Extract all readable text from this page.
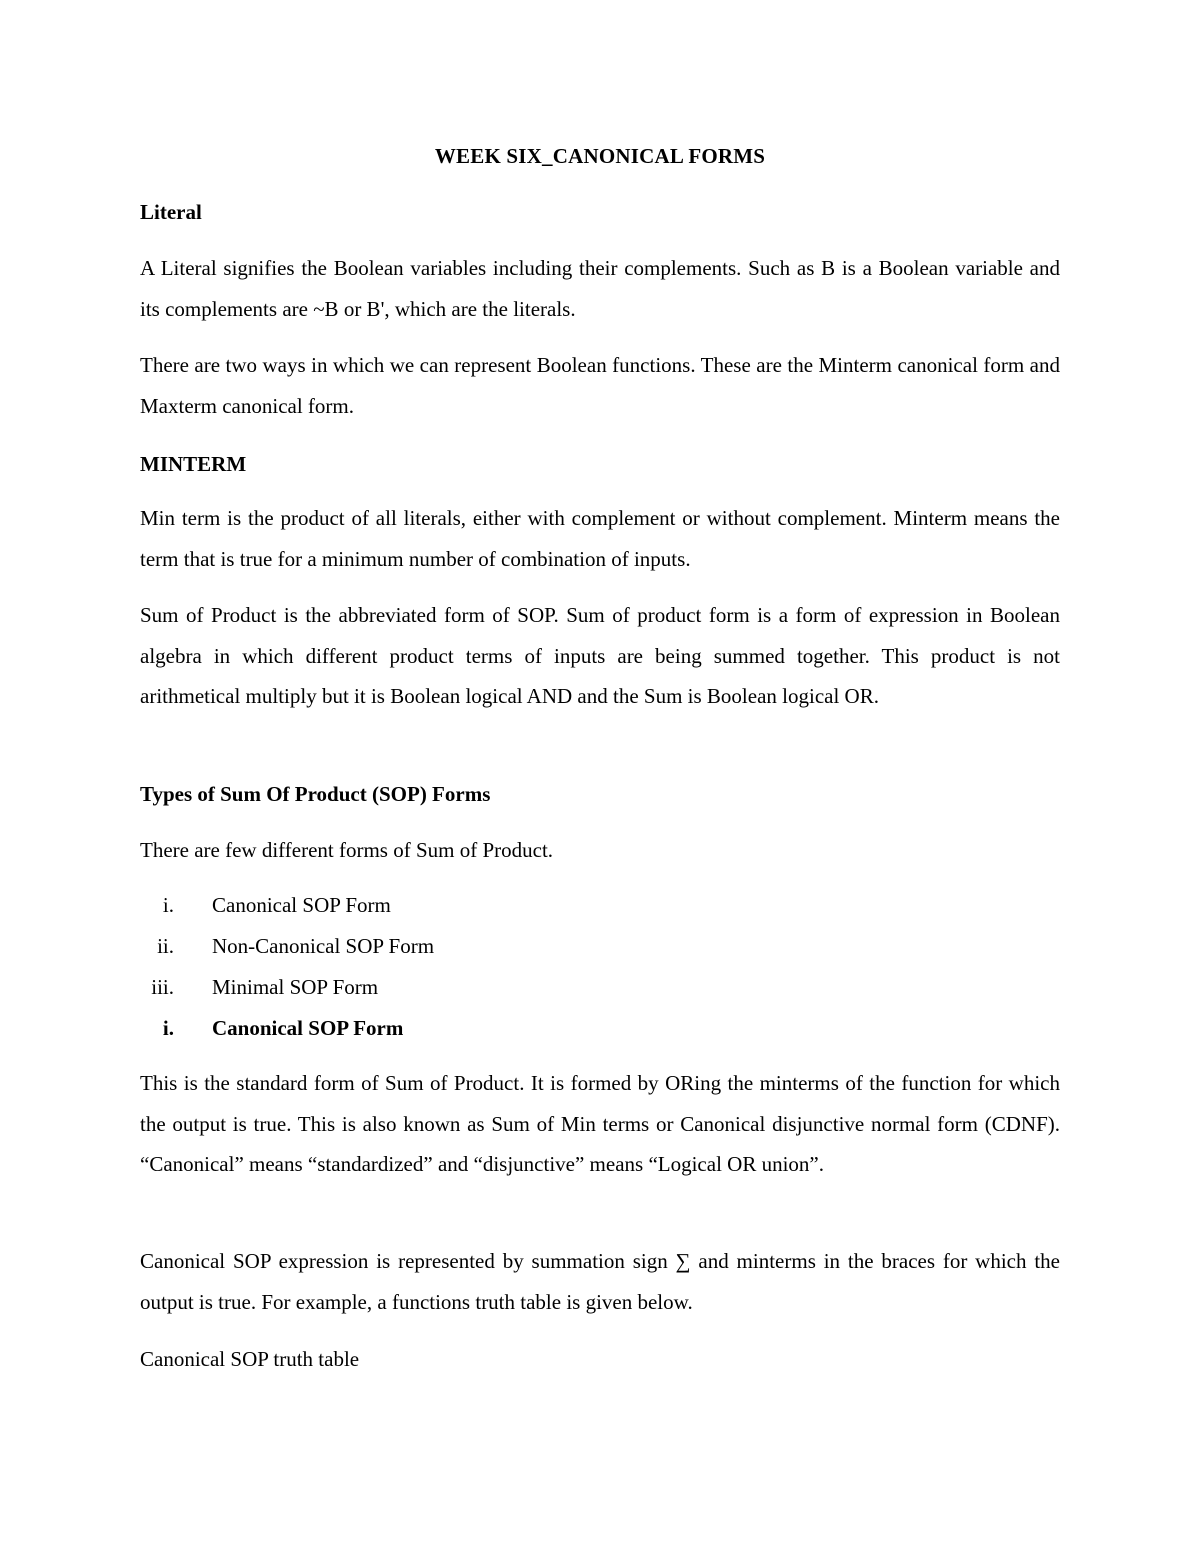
WEEK SIX_CANONICAL FORMS
Literal
A Literal signifies the Boolean variables including their complements. Such as B is a Boolean variable and its complements are ~B or B', which are the literals.
There are two ways in which we can represent Boolean functions. These are the Minterm canonical form and Maxterm canonical form.
MINTERM
Min term is the product of all literals, either with complement or without complement. Minterm means the term that is true for a minimum number of combination of inputs.
Sum of Product is the abbreviated form of SOP. Sum of product form is a form of expression in Boolean algebra in which different product terms of inputs are being summed together. This product is not arithmetical multiply but it is Boolean logical AND and the Sum is Boolean logical OR.
Types of Sum Of Product (SOP) Forms
There are few different forms of Sum of Product.
i. Canonical SOP Form
ii. Non-Canonical SOP Form
iii. Minimal SOP Form
i. Canonical SOP Form
This is the standard form of Sum of Product. It is formed by ORing the minterms of the function for which the output is true. This is also known as Sum of Min terms or Canonical disjunctive normal form (CDNF). “Canonical” means “standardized” and “disjunctive” means “Logical OR union”.
Canonical SOP expression is represented by summation sign ∑ and minterms in the braces for which the output is true. For example, a functions truth table is given below.
Canonical SOP truth table
